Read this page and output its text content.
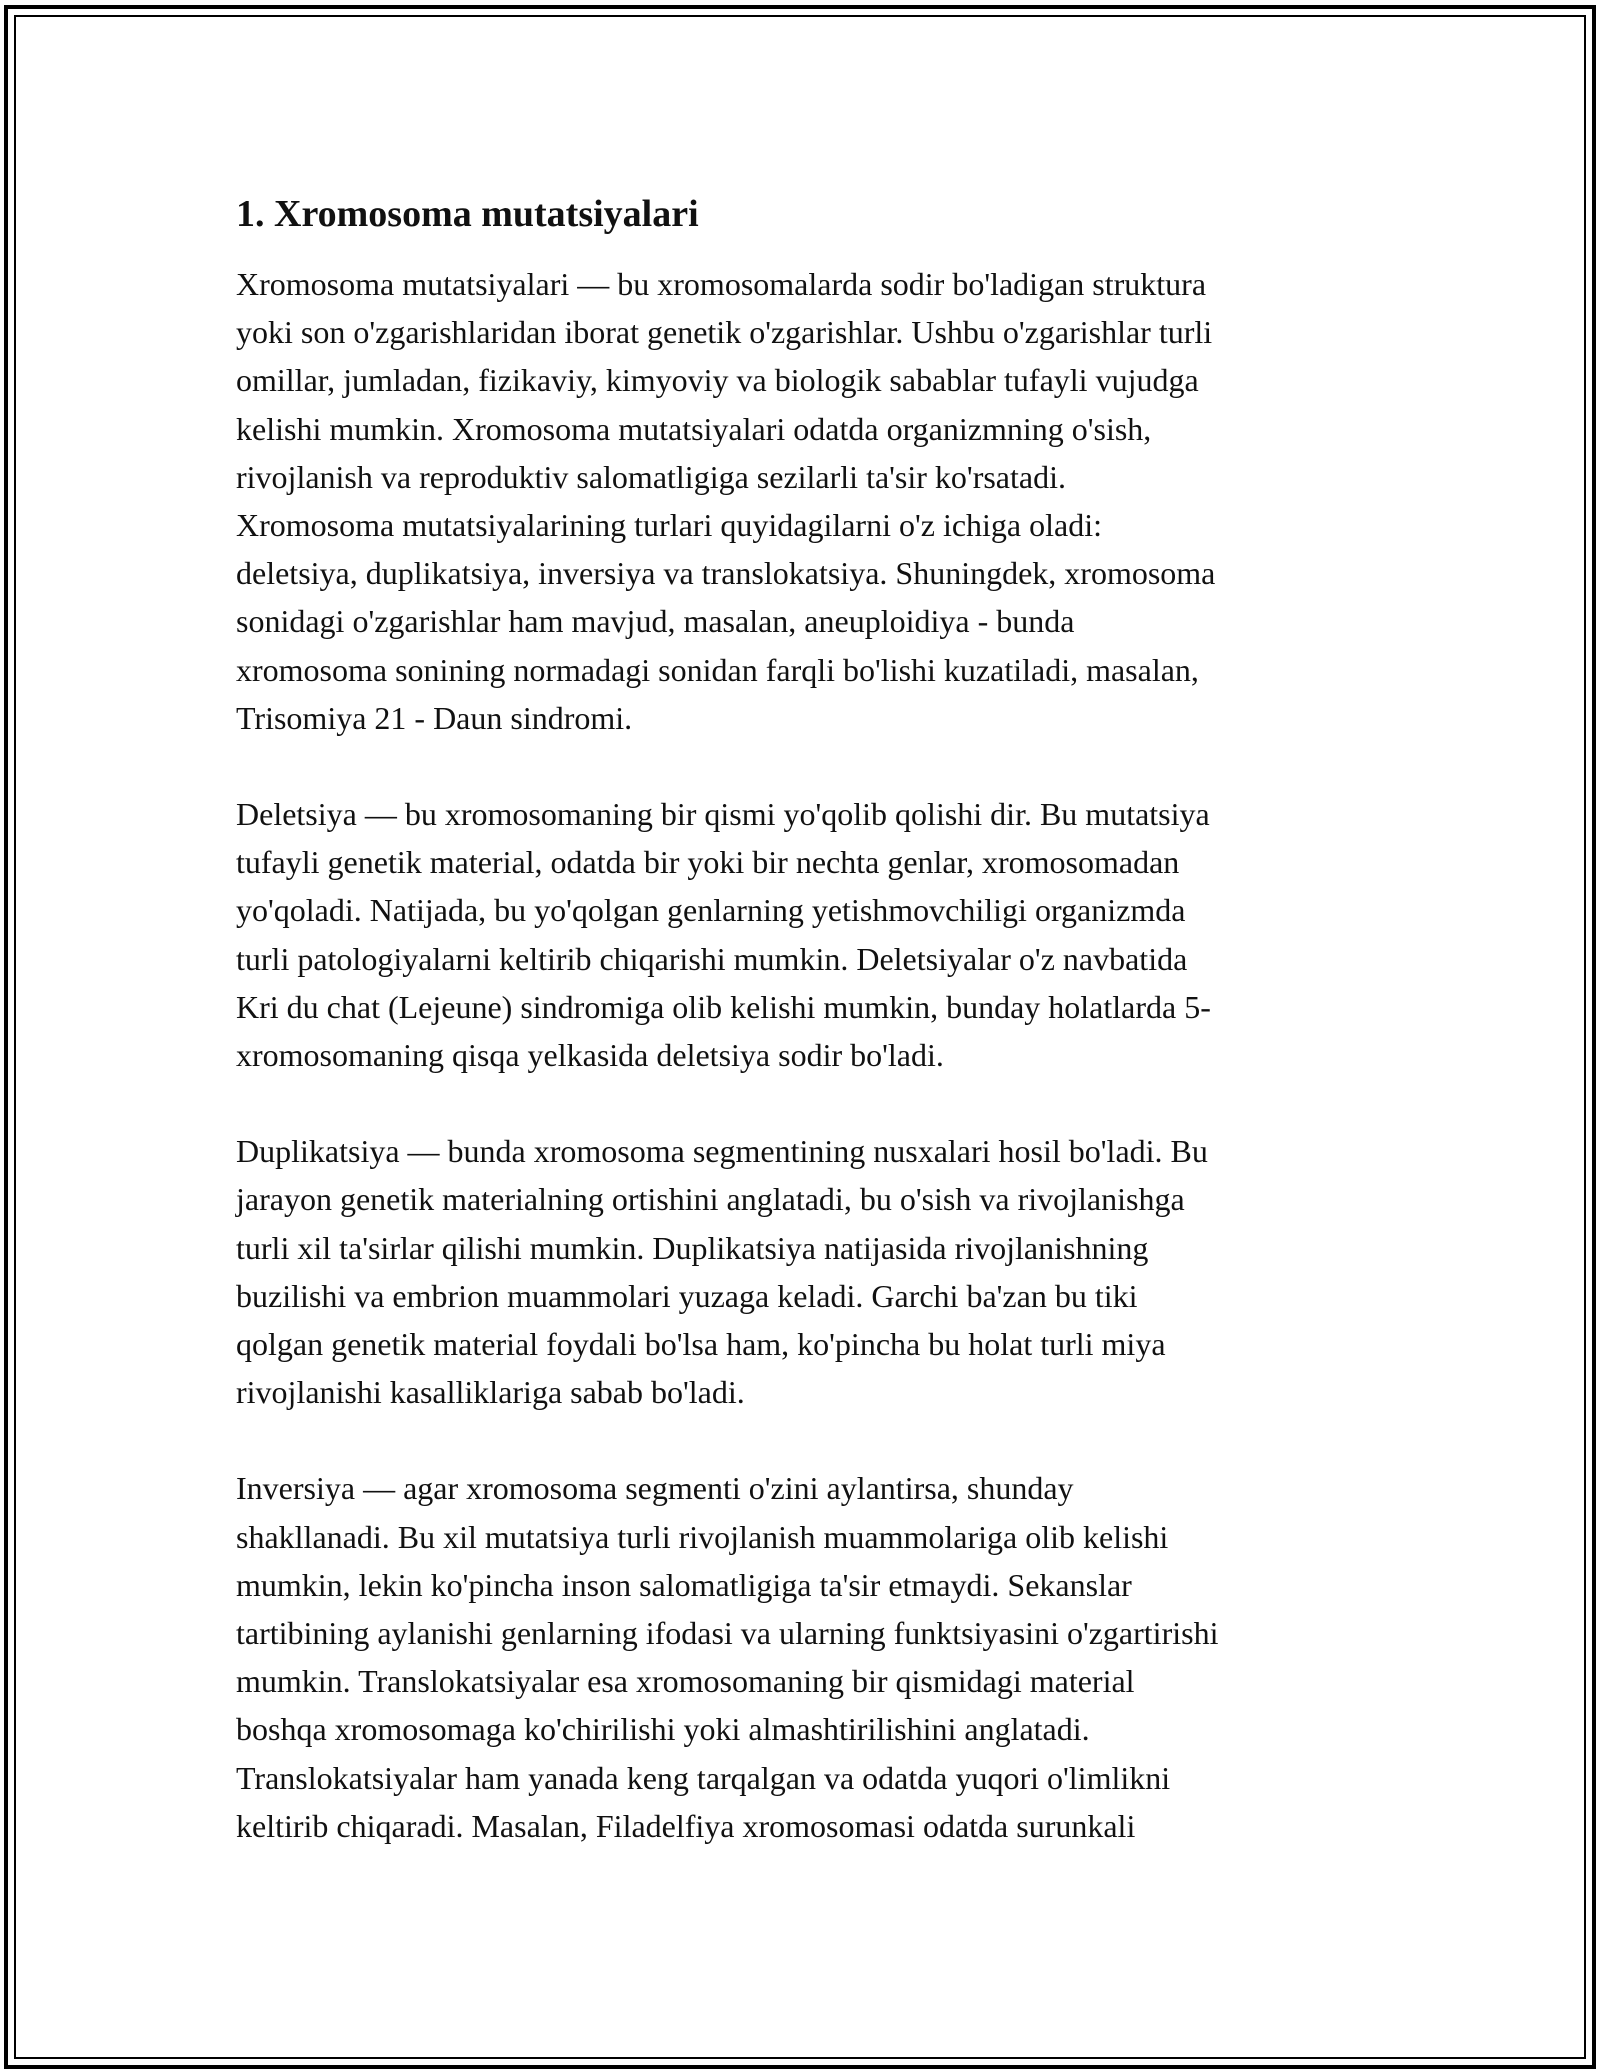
1. Xromosoma mutatsiyalari
Xromosoma mutatsiyalari — bu xromosomalarda sodir bo'ladigan struktura
yoki son o'zgarishlaridan iborat genetik o'zgarishlar. Ushbu o'zgarishlar turli
omillar, jumladan, fizikaviy, kimyoviy va biologik sabablar tufayli vujudga
kelishi mumkin. Xromosoma mutatsiyalari odatda organizmning o'sish,
rivojlanish va reproduktiv salomatligiga sezilarli ta'sir ko'rsatadi.
Xromosoma mutatsiyalarining turlari quyidagilarni o'z ichiga oladi:
deletsiya, duplikatsiya, inversiya va translokatsiya. Shuningdek, xromosoma
sonidagi o'zgarishlar ham mavjud, masalan, aneuploidiya - bunda
xromosoma sonining normadagi sonidan farqli bo'lishi kuzatiladi, masalan,
Trisomiya 21 - Daun sindromi.
Deletsiya — bu xromosomaning bir qismi yo'qolib qolishi dir. Bu mutatsiya
tufayli genetik material, odatda bir yoki bir nechta genlar, xromosomadan
yo'qoladi. Natijada, bu yo'qolgan genlarning yetishmovchiligi organizmda
turli patologiyalarni keltirib chiqarishi mumkin. Deletsiyalar o'z navbatida
Kri du chat (Lejeune) sindromiga olib kelishi mumkin, bunday holatlarda 5-
xromosomaning qisqa yelkasida deletsiya sodir bo'ladi.
Duplikatsiya — bunda xromosoma segmentining nusxalari hosil bo'ladi. Bu
jarayon genetik materialning ortishini anglatadi, bu o'sish va rivojlanishga
turli xil ta'sirlar qilishi mumkin. Duplikatsiya natijasida rivojlanishning
buzilishi va embrion muammolari yuzaga keladi. Garchi ba'zan bu tiki
qolgan genetik material foydali bo'lsa ham, ko'pincha bu holat turli miya
rivojlanishi kasalliklariga sabab bo'ladi.
Inversiya — agar xromosoma segmenti o'zini aylantirsa, shunday
shakllanadi. Bu xil mutatsiya turli rivojlanish muammolariga olib kelishi
mumkin, lekin ko'pincha inson salomatligiga ta'sir etmaydi. Sekanslar
tartibining aylanishi genlarning ifodasi va ularning funktsiyasini o'zgartirishi
mumkin. Translokatsiyalar esa xromosomaning bir qismidagi material
boshqa xromosomaga ko'chirilishi yoki almashtirilishini anglatadi.
Translokatsiyalar ham yanada keng tarqalgan va odatda yuqori o'limlikni
keltirib chiqaradi. Masalan, Filadelfiya xromosomasi odatda surunkali
